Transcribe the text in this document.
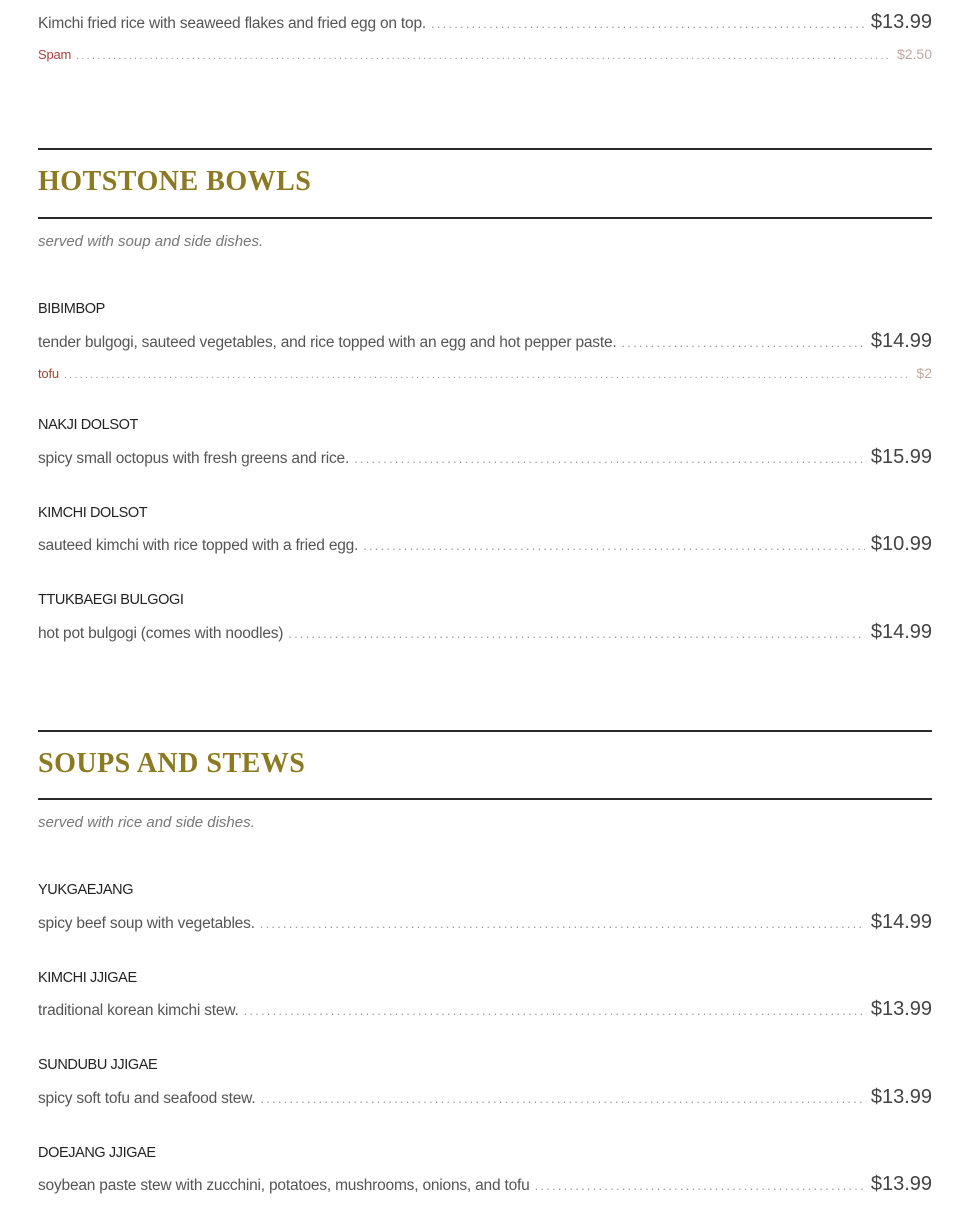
Kimchi fried rice with seaweed flakes and fried egg on top. .....	$13.99
Spam .....	$2.50
HOTSTONE BOWLS
served with soup and side dishes.
BIBIMBOP
tender bulgogi, sauteed vegetables, and rice topped with an egg and hot pepper paste. .....	$14.99
tofu .....	$2
NAKJI DOLSOT
spicy small octopus with fresh greens and rice. .....	$15.99
KIMCHI DOLSOT
sauteed kimchi with rice topped with a fried egg. .....	$10.99
TTUKBAEGI BULGOGI
hot pot bulgogi (comes with noodles) .....	$14.99
SOUPS AND STEWS
served with rice and side dishes.
YUKGAEJANG
spicy beef soup with vegetables. .....	$14.99
KIMCHI JJIGAE
traditional korean kimchi stew. .....	$13.99
SUNDUBU JJIGAE
spicy soft tofu and seafood stew. .....	$13.99
DOEJANG JJIGAE
soybean paste stew with zucchini, potatoes, mushrooms, onions, and tofu .....	$13.99
